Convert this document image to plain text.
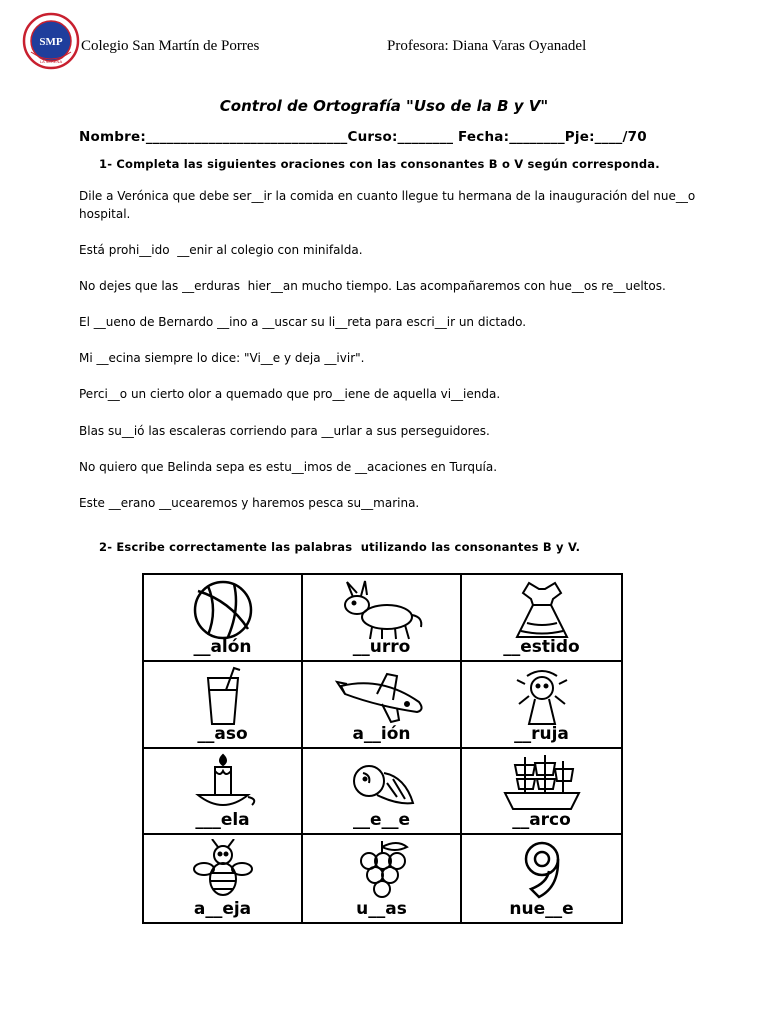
SMP
LA SERENA
Colegio San Martín de Porres	Profesora: Diana Varas Oyanadel
Control de Ortografía "Uso de la B y V"
Nombre:_____________________________Curso:________ Fecha:________Pje:____/70
1- Completa las siguientes oraciones con las consonantes B o V según corresponda.
Dile a Verónica que debe ser__ir la comida en cuanto llegue tu hermana de la inauguración del nue__o hospital.
Está prohi__ido  __enir al colegio con minifalda.
No dejes que las __erduras  hier__an mucho tiempo. Las acompañaremos con hue__os re__ueltos.
El __ueno de Bernardo __ino a __uscar su li__reta para escri__ir un dictado.
Mi __ecina siempre lo dice: "Vi__e y deja __ivir".
Perci__o un cierto olor a quemado que pro__iene de aquella vi__ienda.
Blas su__ió las escaleras corriendo para __urlar a sus perseguidores.
No quiero que Belinda sepa es estu__imos de __acaciones en Turquía.
Este __erano __ucearemos y haremos pesca su__marina.
2- Escribe correctamente las palabras  utilizando las consonantes B y V.
__alón	__urro	__estido
__aso	a__ión	__ruja
___ela	__e__e	__arco
a__eja	u__as	nue__e
